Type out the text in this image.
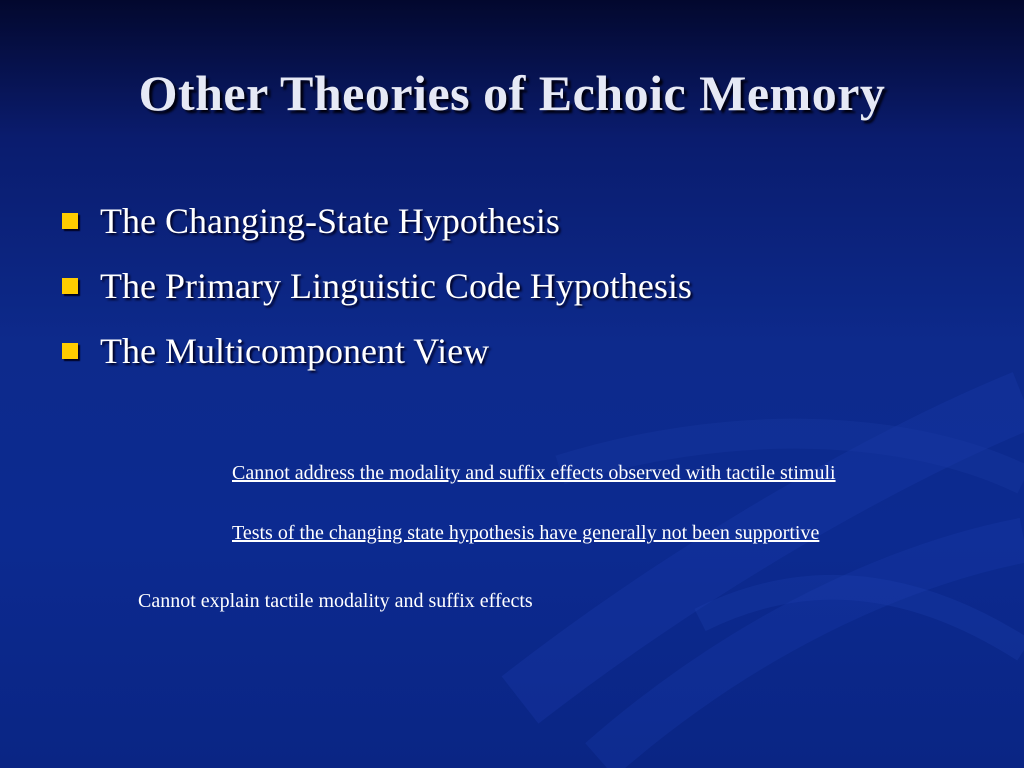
Other Theories of Echoic Memory
The Changing-State Hypothesis
The Primary Linguistic Code Hypothesis
The Multicomponent View
Cannot address the modality and suffix effects observed with tactile stimuli
Tests of the changing state hypothesis have generally not been supportive
Cannot explain tactile modality and suffix effects
